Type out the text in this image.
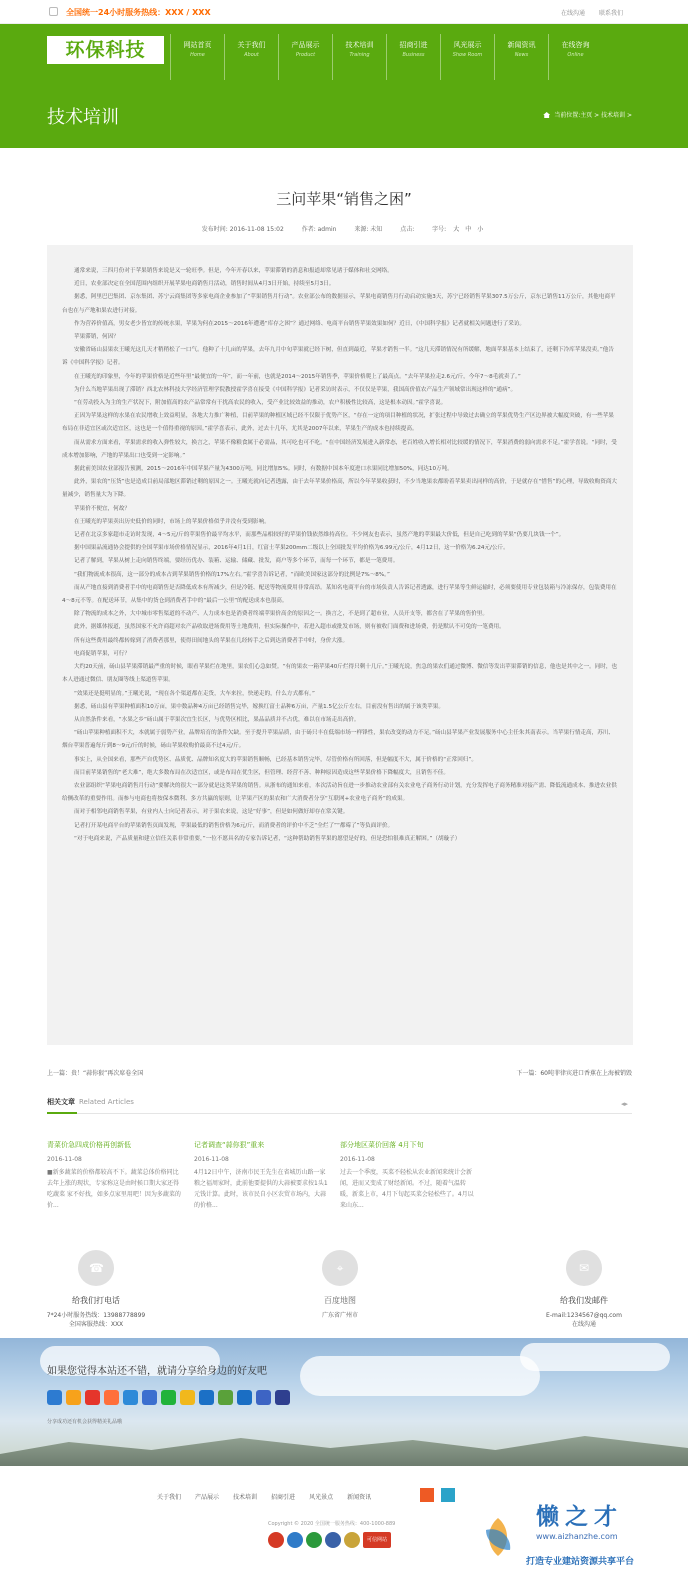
全国统一24小时服务热线：XXX / XXX	在线沟通 联系我们
环保科技	网站首页
Home
关于我们
About
产品展示
Product
技术培训
Training
招商引进
Business
风光展示
Show Room
新闻资讯
News
在线咨询
Online
技术培训	当前位置:主页 > 技术培训 >
三问苹果“销售之困”
发布时间: 2016-11-08 15:02	作者: admin	来源: 未知	点击:	字号: 大 中 小

通常来说，三四月份对于苹果销售来说是又一轮旺季。但是，今年开春以来，苹果滞销的消息和报道却常见诸于媒体和社交网络。

近日，农业部决定在全国范围内组织开展苹果电商销售月活动，销售时间从4月3日开始，持续至5月3日。

据悉，阿里巴巴集团、京东集团、苏宁云商集团等多家电商企业参加了“苹果销售月行动”。农业部公布的数据显示，苹果电商销售月行动启动实施3天，苏宁已经销售苹果307.5万公斤，京东已销售11万公斤，其他电商平台也在与产地和果农进行对接。

作为营养价值高，男女老少皆宜的传统水果，苹果为何在2015～2016年遭遇“库存之困”？通过网络、电商平台销售苹果效果如何？近日，《中国科学报》记者就相关问题进行了采访。

苹果滞销，何因？

安徽省砀山县果农王曦光这几天才稍稍松了一口气。他种了十几亩的苹果，去年九月中旬苹果就已经下树，但直到最近，苹果才销售一半。“这几天滞销情况有所缓解，地面苹果基本上结束了，还剩下冷库苹果没卖。”他告诉《中国科学报》记者。

在王曦光的印象里，今年的苹果价格是近些年里“最便宜的一年”，而一年前，也就是2014～2015年销售季，苹果价格爬上了最高点。“去年苹果拉走2.6元/斤，今年7～8毛就卖了。”

为什么当地苹果出现了滞销？西北农林科技大学经济管理学院教授霍学喜在接受《中国科学报》记者采访时表示，不仅仅是苹果，我国高价值农产品生产领域常出现这样的“通病”。

“在劳动投入为主的生产状况下，附加值高的农产品常常有干扰高农民的收入，受产业比较效益的推动，农户积极性比较高，这是根本动因。”霍学喜说。

正因为苹果这样的水果在农民增收上效益明显，各地大力推广种植，目前苹果的种植区域已经不仅限于优势产区，“存在一定的项目种植的状况，扩张过程中导致过去确立的苹果优势生产区边界被大幅度突破，有一些苹果布局在非适宜区或次适宜区，这也是一个值得重视的原因。”霍学喜表示，此外，过去十几年，尤其是2007年以来，苹果生产的成本也持续提高。

而从需求方面来看，苹果需求的收入弹性较大，换言之，苹果不像粮食属于必需品，其可吃也可不吃。“在中国经济发展进入新常态，老百姓收入增长相对比较缓的情况下，苹果消费的弱向需求不足。”霍学喜说。“同时，受成本增加影响，产地的苹果出口也受到一定影响。”

据此前美国农业部报告预测，2015～2016年中国苹果产量为4300万吨，同比增加5%。同时，有数据中国本年度进口水果同比增加50%，同达10万吨。

此外，果农的“压货”也是造成目前局部地区滞销过剩的原因之一。王曦光就向记者透露，由于去年苹果价格高，所以今年苹果收获时，不少当地果农都盼着苹果卖出同样的高价，于是就存在“惜售”的心理，导致收购资商大量减少，销售量大为下降。

苹果价不便宜，何故？

在王曦光的苹果卖出历史低价的同时，市场上的苹果价格似乎并没有受到影响。

记者在北京多家超市走访时发现，4～5元/斤的苹果售价最平均水平，而那些品相较好的苹果价钱依然维持高位。不少网友也表示，虽然产地的苹果最大价低，但是自己吃到的苹果“仍要几块钱一个”。

据中国果品流通协会提供的全国苹果市场价格情况显示，2016年4月1日，红富士苹果200mm二级以上全国批发平均价格为6.99元/公斤，4月12日，这一价格为6.24元/公斤。

记者了解到，苹果从树上走向销售终端，要经历优办、装箱、运输、储藏、批发，商户等多个环节，而每一个环节，都是一笔费用。

“我们物流成本很高，这一部分的成本占到苹果销售价格的17%左右。”霍学喜告诉记者，“而欧美国家这部分的比例是7%～8%。”

而从产地直接到消费者手中的电商销售是否降低成本有所减少，但是冷链、配送等物流费用非常高昂。某知名电商平台的市场负责人告诉记者透露，进行苹果等生鲜运输时，必须要使用专业包装箱与冷冻保存，包装费用在4～8元不等。在配送环节，从集中的货仓到消费者手中的“最后一公里”的配送成本也很高。

除了物流的成本之外，大中城市零售渠道的不动产、人力成本也是消费者终端苹果价高企的原因之一。换言之，不是到了超市业，人员开支等，都含在了苹果的售价里。

此外，据媒体报道，虽然国家不允许商超对农产品收取进场费用等土地费用，但实际操作中，若进入超市或批发市场，则有被收门面费和进场费，仍是默认不可免的一笔费用。

所有这些费用最终都转嫁到了消费者那里，使得田间地头的苹果在几经转手之后到达消费者手中时，身价大涨。

电商促销苹果，可行？

大约20天前，砀山县苹果滞销最严重的时候，眼看苹果烂在地里，果农们心急如焚。“有的果农一箱苹果40斤烂得只剩十几斤。”王曦光说，焦急的果农们通过微博、微信等发出苹果滞销的信息，他也是其中之一。同时，也本人进通过微信、朋友圈等线上渠道售苹果。

“效果还是挺明显的。”王曦光说，“现在各个渠道都在走货，大车来拉，快递走的，什么方式都有。”

据悉，砀山县有苹果种植面积10万亩，果中数品种4万亩已经销售完毕，嫁换红富士品种6万亩，产量1.5亿公斤左右，目前没有售出的属于该类苹果。

从自然条件来看，“水果之乡”砀山属于苹果次宜生长区，与优势区相比，果品品质并不占优，难以在市场走出高价。

“砀山苹果种植面积不大，本就属于弱势产业，品牌培育的条件欠缺。至于提升苹果品质，由于砀只丰在低端市场一样锋性，果农改变的动力不足。”砀山县苹果产业发展服务中心主任朱其南表示。当苹果行情走高，苏川、烟台苹果普遍每斤到8～9元/斤的时候，砀山苹果收购价最高不过4元/斤。

事实上，从全国来看，那些产自优势区、品质优、品牌知名度大的苹果销售顺畅，已经基本销售完毕，尽管价格有所回落，但是幅度不大，属于价格的“正常回归”。

而目前苹果销售的“老大难”，绝大多数布局在次适宜区，或是布局在优生区，但管理、经营不善、种种原因造成这些苹果价格下降幅度大，且销售不佳。

农业部组织“苹果电商销售月行动”要解决的很大一部分就是这类苹果的销售。从浙布的通知来看，本次活动旨在进一步推动农业部有关农业电子商务行动计划，充分发挥电子商务精准对接产需、降低流通成本、推进农业供给侧改革的重要作用。而参与电商也将按保本微利、多方共赢的原则，让苹果产区的果农和广大消费者分享“互联网+农业电子商务”的成果。

而对于相邻电商销售苹果，有业内人士向记者表示，对于果农来说，这是“好事”，但是如何做好却存在常关键。

记者打开某电商平台的苹果销售页面发现，苹果最低的销售价格为6元/斤，而消费者的评价中不乏“全烂了”“都霉了”等负面评价。

“对于电商来说，产品质量和建立信任关系非常重要，”一位不愿具名的专家告诉记者，“这种帮助销售苹果的愿望是好的，但是恐怕很难真正解困。”（胡璇子）

上一篇：贵！“蒜你狠”再次席卷全国	下一篇：60吨菲律宾进口香蕉在上海被销毁
相关文章 Related Articles	◂▸
青菜价急四成价格再创新低
2016-11-08
■新多蔬菜的价格都较高不下。蔬菜总体价格同比去年上涨的现状，专家称这是由时候口期大家还得吃蔬菜 家不好找，如多点家里用吧！因为多蔬菜的价...
记者调查“蒜你狠”重来
2016-11-08
4月12日中午，济南市民王先生在省城历山路一家粮之福周家时，此前他要提供的大蒜被要求按1头1元钱计算。此时，该市民自小区农贸市场内，大蒜的价格...
部分地区菜价回落 4月下旬
2016-11-08
过去一个季度，买菜不轻松从农业新闻来统计会新闻，进而又变成了财经新闻。不过，随着气温转暖，新菜上市，4月下旬起买菜会轻松些了。4月以来山东...
☎
给我们打电话
7*24小时服务热线：13988778899
全国客服热线：XXX
⌖
百度地图
广东省广州市
✉
给我们发邮件
E-mail:1234567@qq.com
在线沟通
如果您觉得本站还不错，就请分享给身边的好友吧
分享成功还有机会获得精美礼品哦
关于我们 产品展示 技术培训 招商引进 风光景点 新闻资讯
Copyright © 2020 全国统一服务热线：400-1000-889
可信网站
懒之才
www.aizhanzhe.com
打造专业建站资源共享平台
